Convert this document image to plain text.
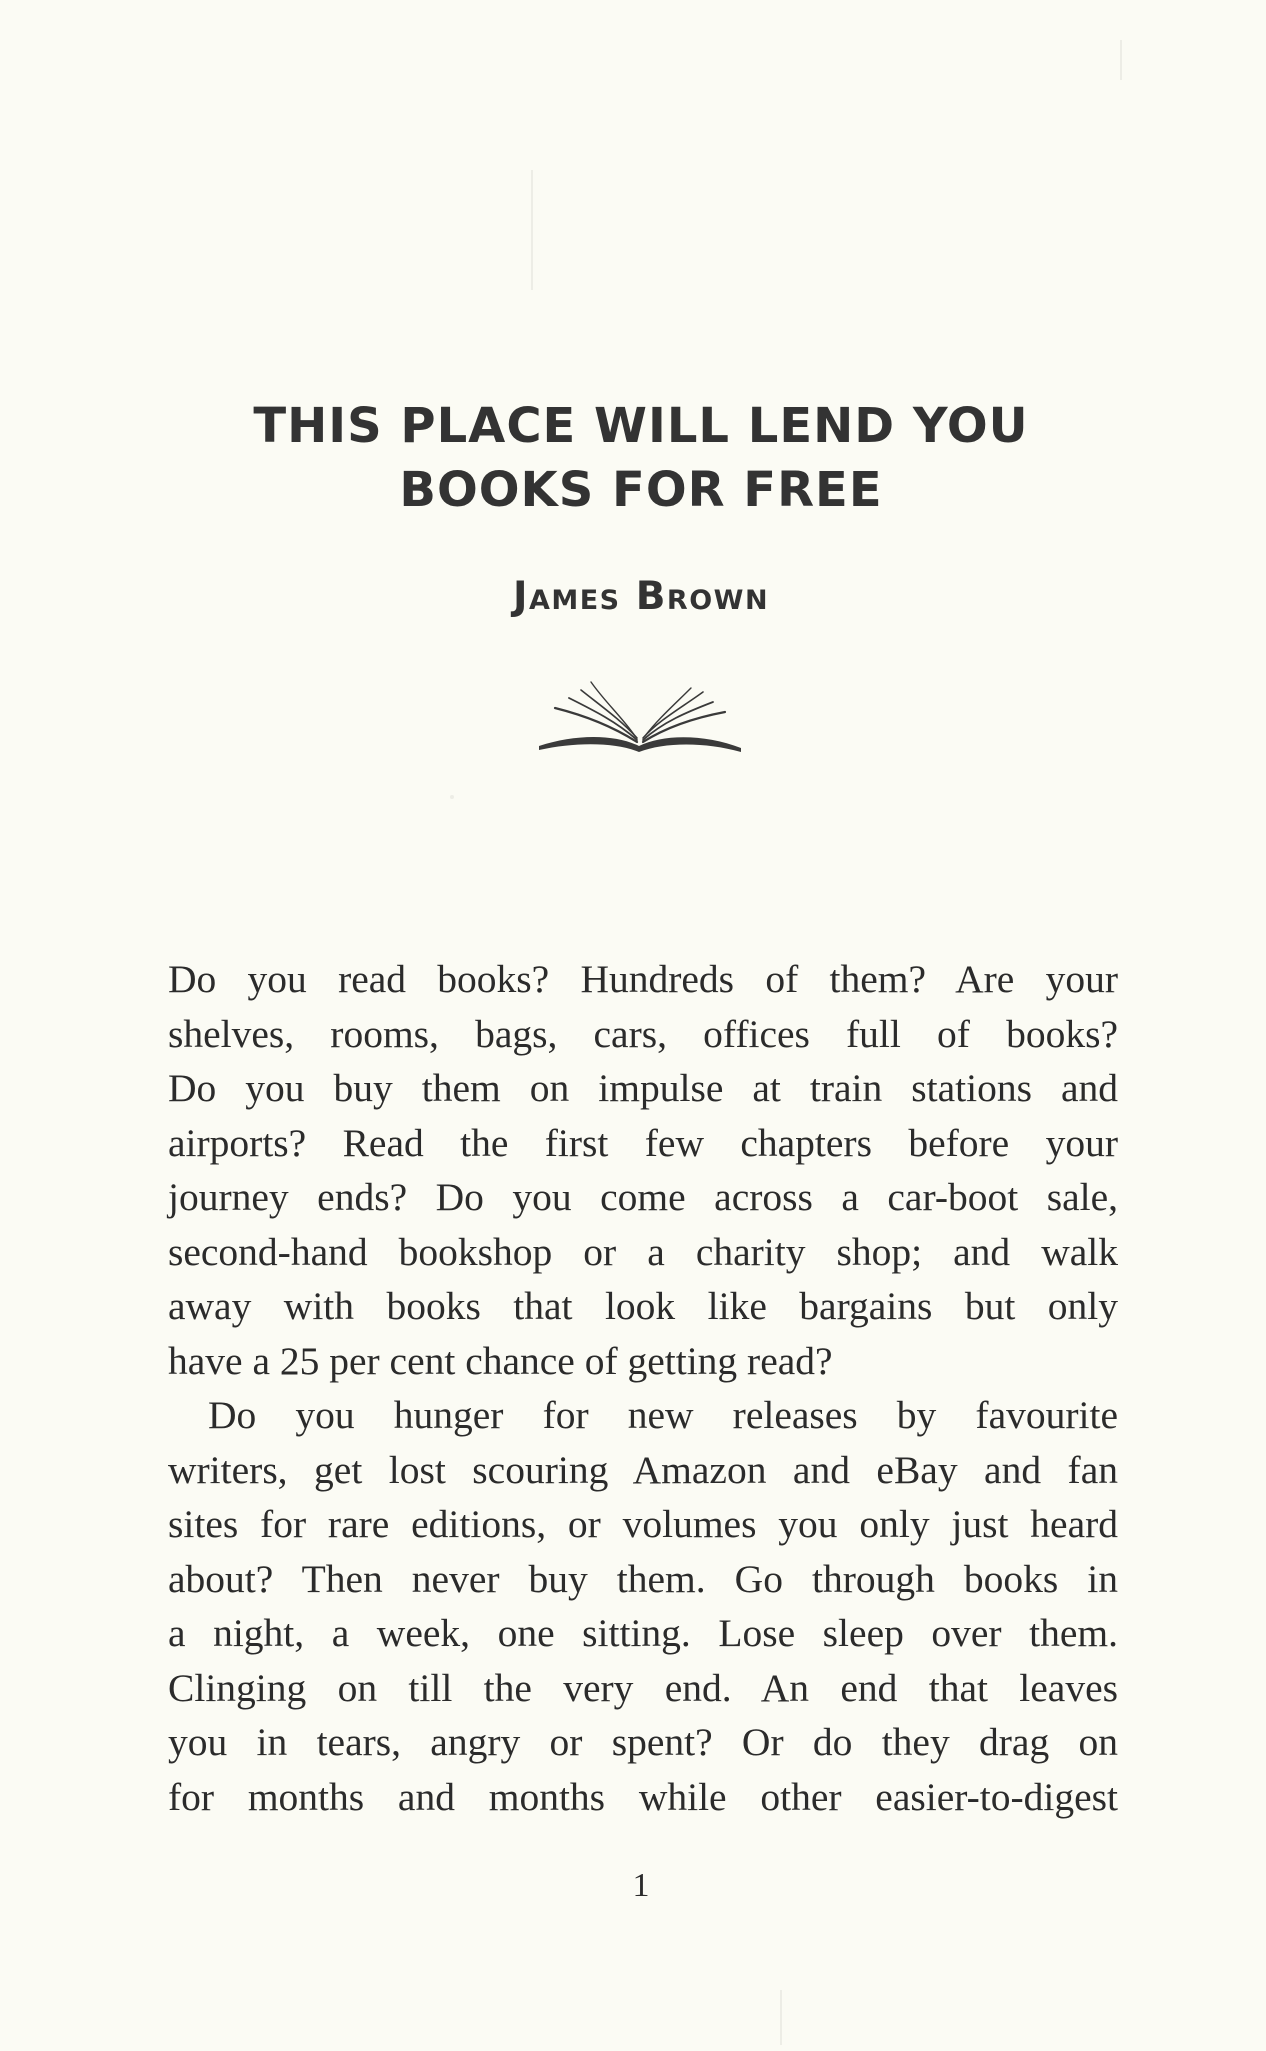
THIS PLACE WILL LEND YOU
BOOKS FOR FREE
James Brown

Do you read books? Hundreds of them? Are your
shelves, rooms, bags, cars, offices full of books?
Do you buy them on impulse at train stations and
airports? Read the first few chapters before your
journey ends? Do you come across a car-boot sale,
second-hand bookshop or a charity shop; and walk
away with books that look like bargains but only
have a 25 per cent chance of getting read?

Do you hunger for new releases by favourite
writers, get lost scouring Amazon and eBay and fan
sites for rare editions, or volumes you only just heard
about? Then never buy them. Go through books in
a night, a week, one sitting. Lose sleep over them.
Clinging on till the very end. An end that leaves
you in tears, angry or spent? Or do they drag on
for months and months while other easier-to-digest

1
